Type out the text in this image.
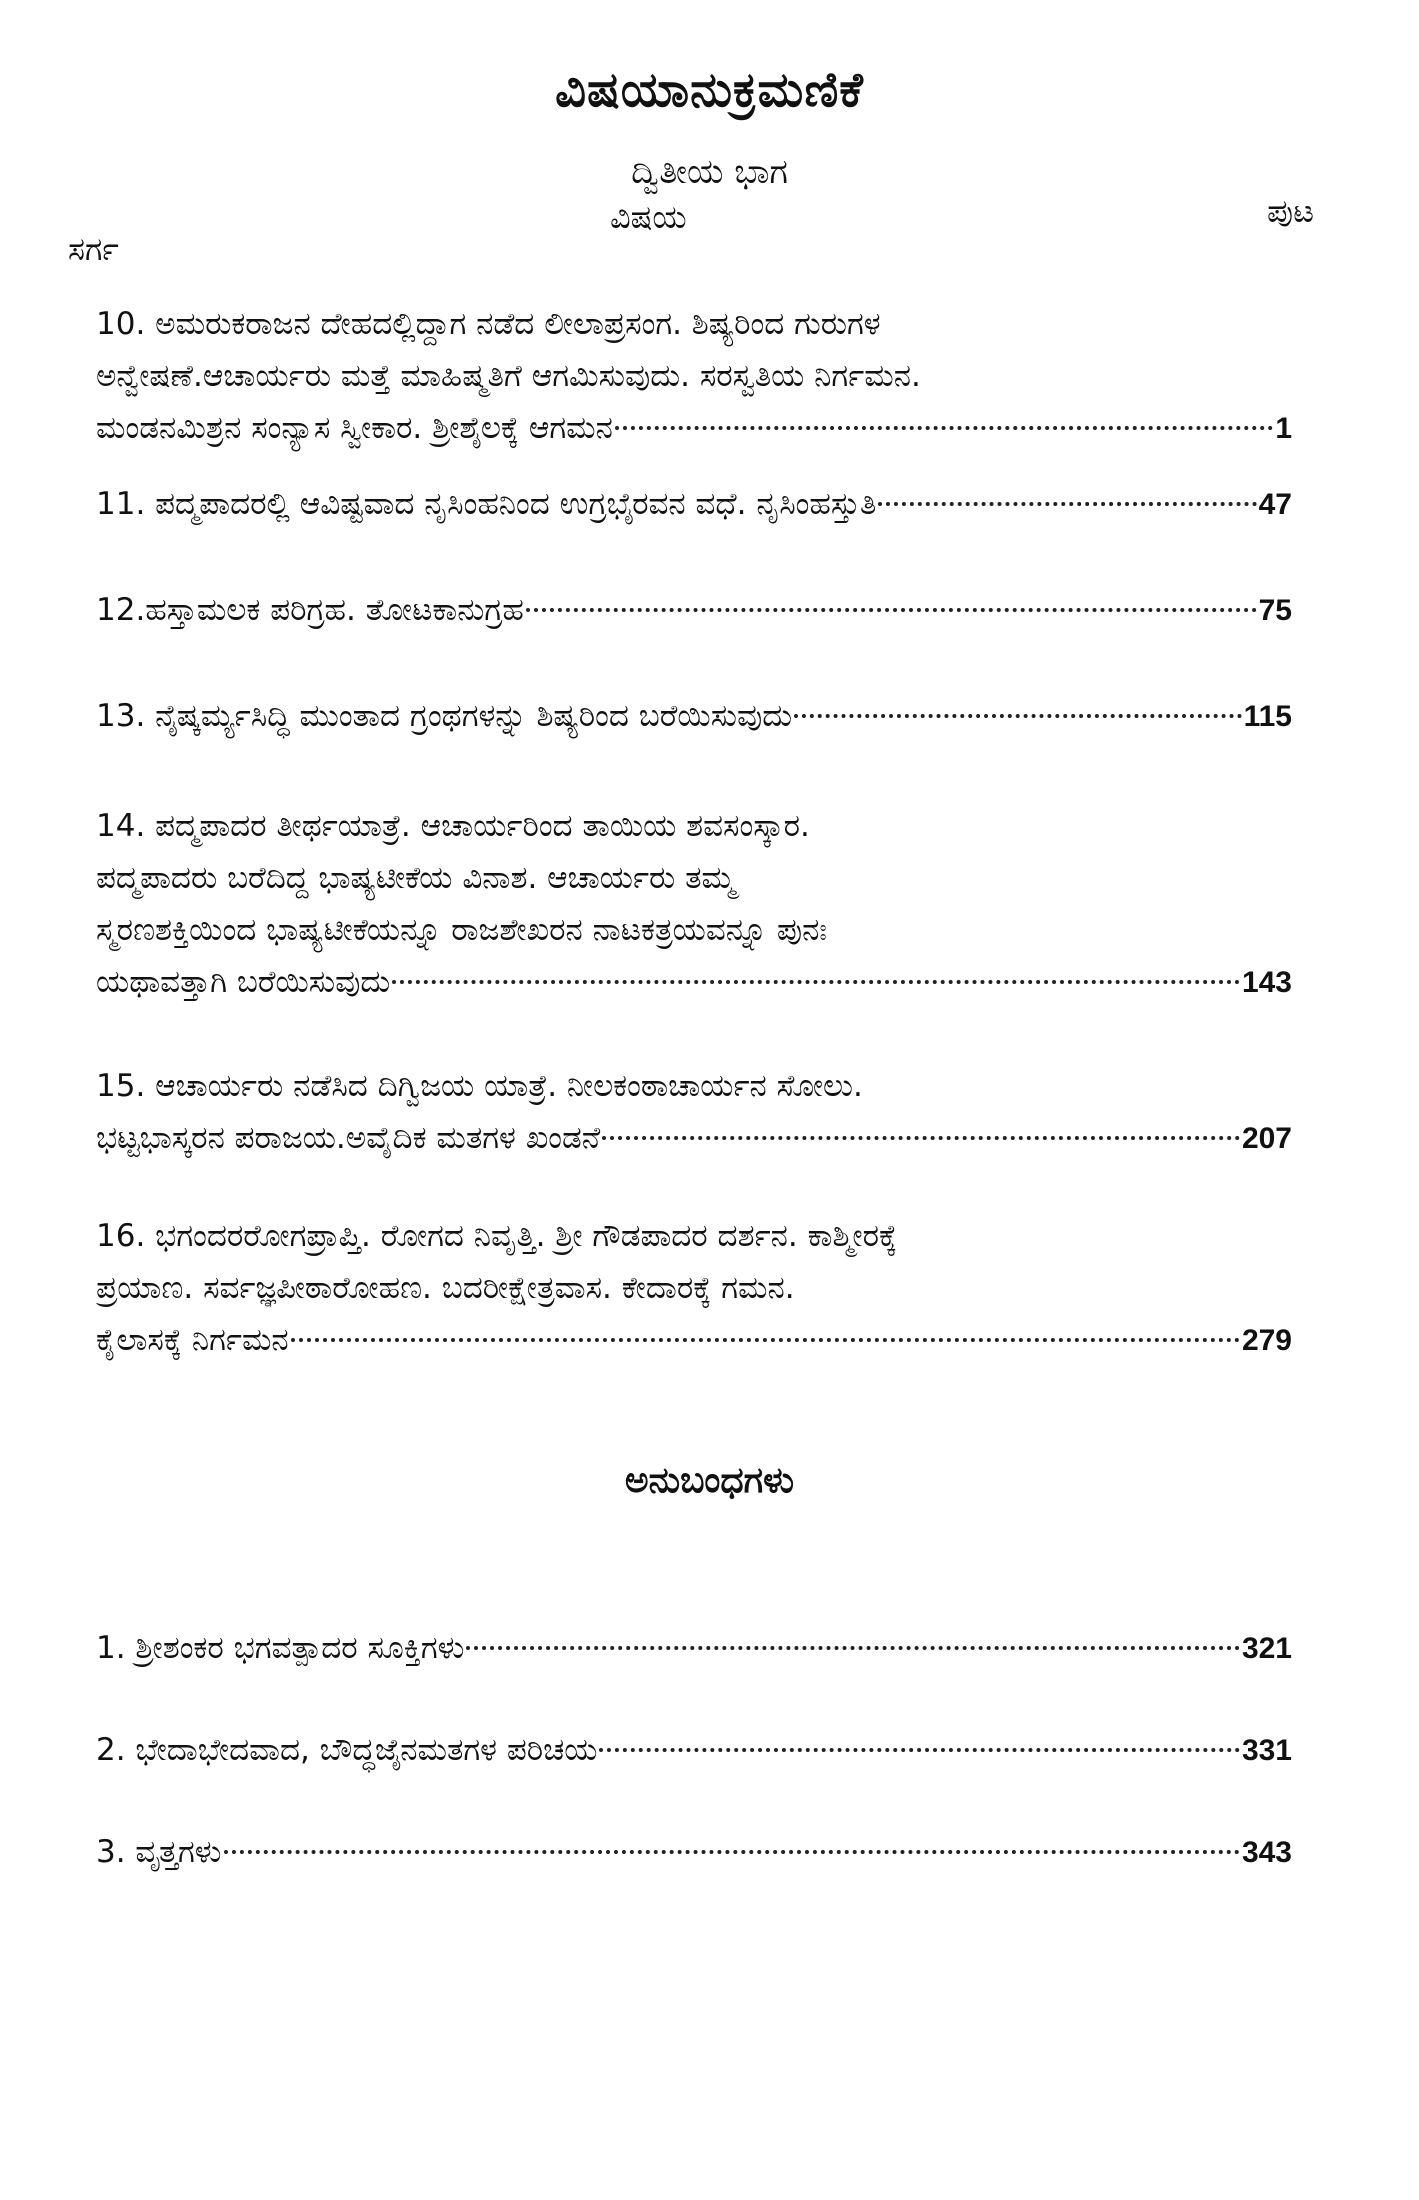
ವಿಷಯಾನುಕ್ರಮಣಿಕೆ
ದ್ವಿತೀಯ ಭಾಗ
ವಿಷಯ	ಪುಟ
ಸರ್ಗ
10. ಅಮರುಕರಾಜನ ದೇಹದಲ್ಲಿದ್ದಾಗ ನಡೆದ ಲೀಲಾಪ್ರಸಂಗ. ಶಿಷ್ಯರಿಂದ ಗುರುಗಳ
ಅನ್ವೇಷಣೆ.ಆಚಾರ್ಯರು ಮತ್ತೆ ಮಾಹಿಷ್ಮತಿಗೆ ಆಗಮಿಸುವುದು. ಸರಸ್ವತಿಯ ನಿರ್ಗಮನ.
ಮಂಡನಮಿಶ್ರನ ಸಂನ್ಯಾಸ ಸ್ವೀಕಾರ. ಶ್ರೀಶೈಲಕ್ಕೆ ಆಗಮನ	1
11. ಪದ್ಮಪಾದರಲ್ಲಿ ಆವಿಷ್ಟವಾದ ನೃಸಿಂಹನಿಂದ ಉಗ್ರಭೈರವನ ವಧೆ. ನೃಸಿಂಹಸ್ತುತಿ	47
12.ಹಸ್ತಾಮಲಕ ಪರಿಗ್ರಹ. ತೋಟಕಾನುಗ್ರಹ	75
13. ನೈಷ್ಕರ್ಮ್ಯಸಿದ್ಧಿ ಮುಂತಾದ ಗ್ರಂಥಗಳನ್ನು ಶಿಷ್ಯರಿಂದ ಬರೆಯಿಸುವುದು	115
14. ಪದ್ಮಪಾದರ ತೀರ್ಥಯಾತ್ರೆ. ಆಚಾರ್ಯರಿಂದ ತಾಯಿಯ ಶವಸಂಸ್ಕಾರ.
ಪದ್ಮಪಾದರು ಬರೆದಿದ್ದ ಭಾಷ್ಯಟೀಕೆಯ ವಿನಾಶ. ಆಚಾರ್ಯರು ತಮ್ಮ
ಸ್ಮರಣಶಕ್ತಿಯಿಂದ ಭಾಷ್ಯಟೀಕೆಯನ್ನೂ ರಾಜಶೇಖರನ ನಾಟಕತ್ರಯವನ್ನೂ ಪುನಃ
ಯಥಾವತ್ತಾಗಿ ಬರೆಯಿಸುವುದು	143
15. ಆಚಾರ್ಯರು ನಡೆಸಿದ ದಿಗ್ವಿಜಯ ಯಾತ್ರೆ. ನೀಲಕಂಠಾಚಾರ್ಯನ ಸೋಲು.
ಭಟ್ಟಭಾಸ್ಕರನ ಪರಾಜಯ.ಅವೈದಿಕ ಮತಗಳ ಖಂಡನೆ	207
16. ಭಗಂದರರೋಗಪ್ರಾಪ್ತಿ. ರೋಗದ ನಿವೃತ್ತಿ. ಶ್ರೀ ಗೌಡಪಾದರ ದರ್ಶನ. ಕಾಶ್ಮೀರಕ್ಕೆ
ಪ್ರಯಾಣ. ಸರ್ವಜ್ಞಪೀಠಾರೋಹಣ. ಬದರೀಕ್ಷೇತ್ರವಾಸ. ಕೇದಾರಕ್ಕೆ ಗಮನ.
ಕೈಲಾಸಕ್ಕೆ ನಿರ್ಗಮನ	279
ಅನುಬಂಧಗಳು
1. ಶ್ರೀಶಂಕರ ಭಗವತ್ಪಾದರ ಸೂಕ್ತಿಗಳು	321
2. ಭೇದಾಭೇದವಾದ, ಬೌದ್ಧಜೈನಮತಗಳ ಪರಿಚಯ	331
3. ವೃತ್ತಗಳು	343
